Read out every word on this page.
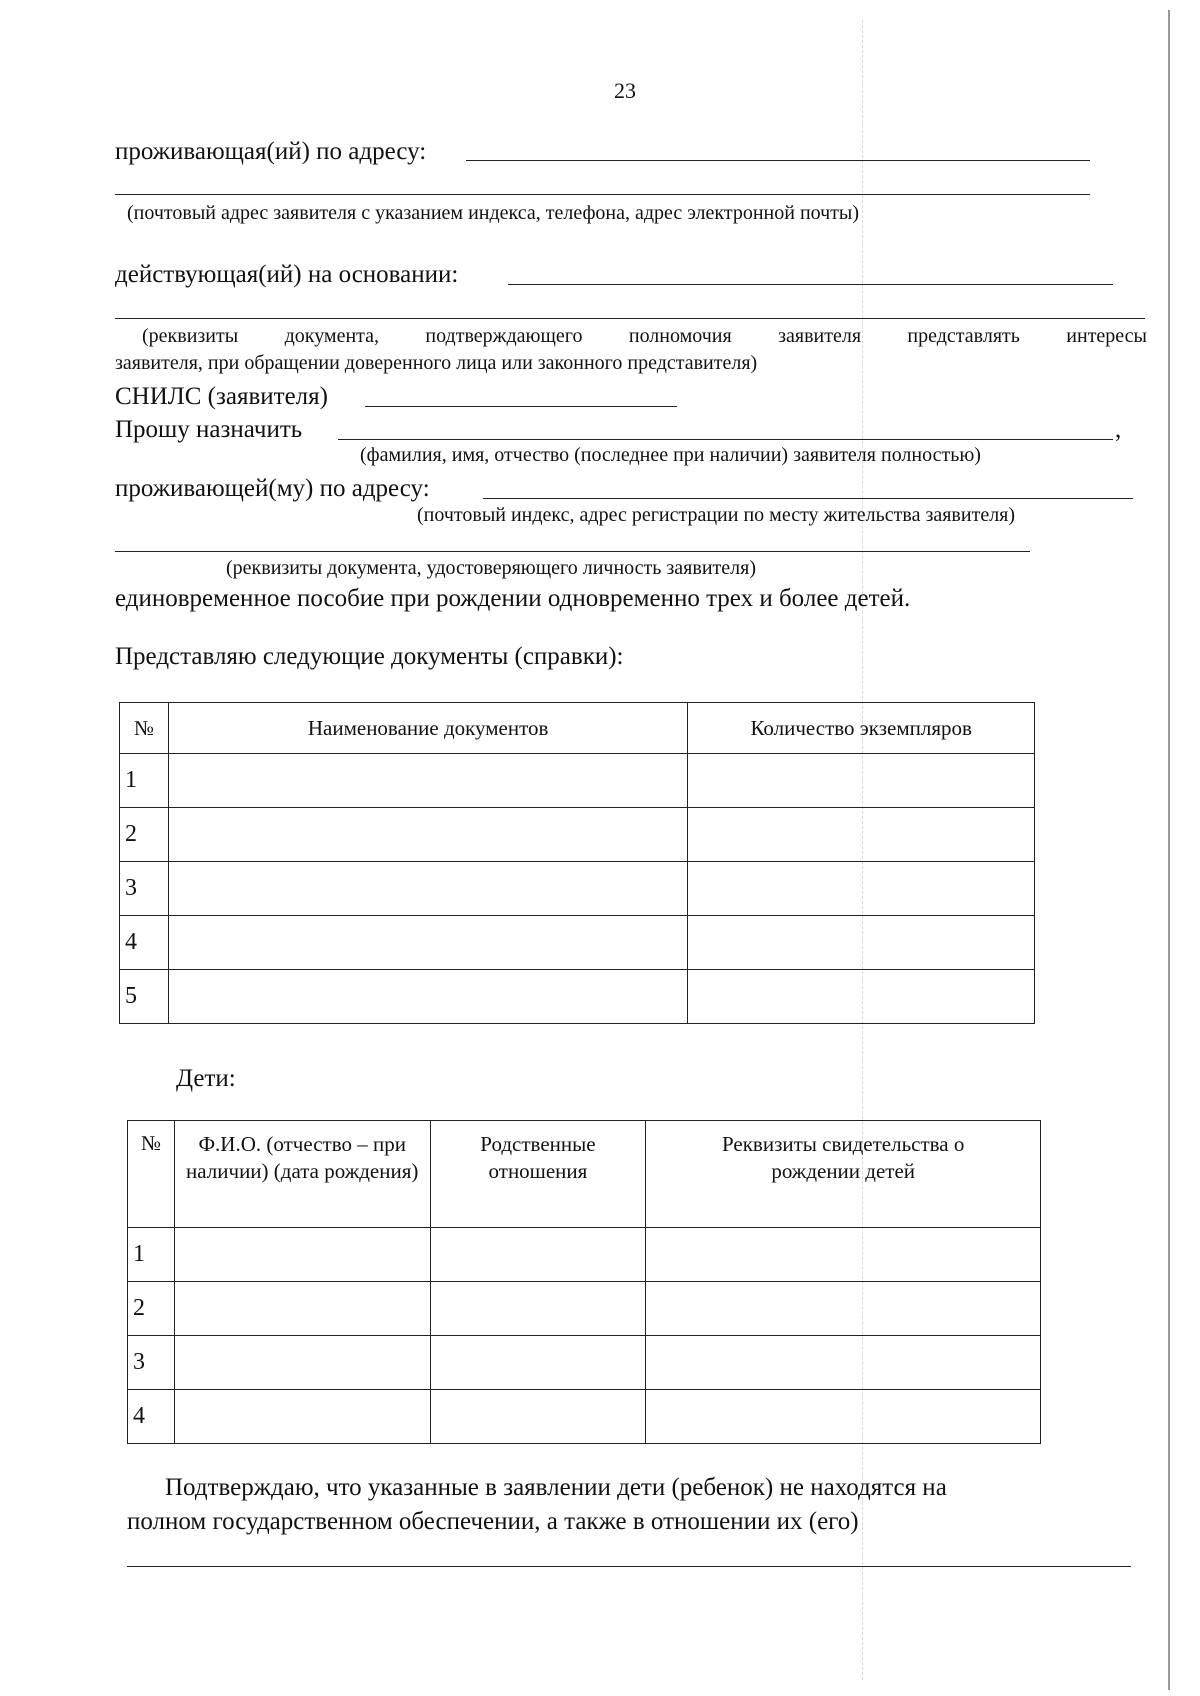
23
проживающая(ий) по адресу:
(почтовый адрес заявителя с указанием индекса, телефона, адрес электронной почты)
действующая(ий) на основании:
(реквизиты документа, подтверждающего полномочия заявителя представлять интересы
заявителя, при обращении доверенного лица или законного представителя)
СНИЛС (заявителя)
Прошу назначить	,
(фамилия, имя, отчество (последнее при наличии) заявителя полностью)
проживающей(му) по адресу:
(почтовый индекс, адрес регистрации по месту жительства заявителя)
(реквизиты документа, удостоверяющего личность заявителя)
единовременное пособие при рождении одновременно трех и более детей.
Представляю следующие документы (справки):
№	Наименование документов	Количество экземпляров
1		
2		
3		
4		
5		
Дети:
№	Ф.И.О. (отчество – при наличии) (дата рождения)	Родственные отношения	Реквизиты свидетельства о рождении детей
1			
2			
3			
4			
Подтверждаю, что указанные в заявлении дети (ребенок) не находятся на
полном государственном обеспечении, а также в отношении их (его)
